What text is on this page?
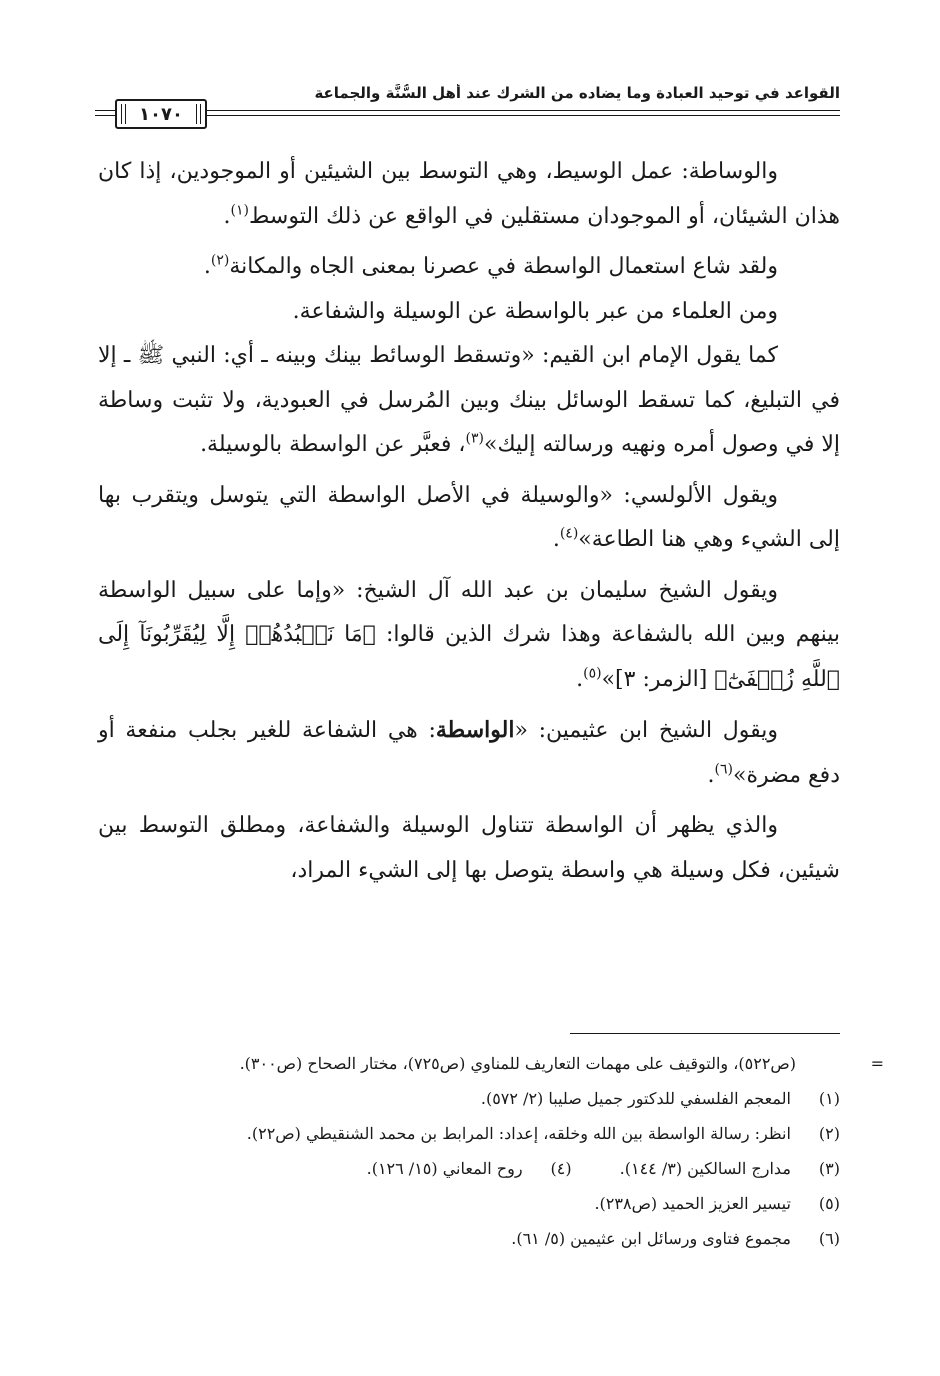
القواعد في توحيد العبادة وما يضاده من الشرك عند أهل السُّنَّة والجماعة
١٠٧٠

والوساطة: عمل الوسيط، وهي التوسط بين الشيئين أو الموجودين، إذا كان هذان الشيئان، أو الموجودان مستقلين في الواقع عن ذلك التوسط$^{(١)}$.

ولقد شاع استعمال الواسطة في عصرنا بمعنى الجاه والمكانة$^{(٢)}$.

ومن العلماء من عبر بالواسطة عن الوسيلة والشفاعة.

كما يقول الإمام ابن القيم: «وتسقط الوسائط بينك وبينه ـ أي: النبي ﷺ ـ إلا في التبليغ، كما تسقط الوسائل بينك وبين المُرسل في العبودية، ولا تثبت وساطة إلا في وصول أمره ونهيه ورسالته إليك»$^{(٣)}$، فعبَّر عن الواسطة بالوسيلة.

ويقول الألولسي: «والوسيلة في الأصل الواسطة التي يتوسل ويتقرب بها إلى الشيء وهي هنا الطاعة»$^{(٤)}$.

ويقول الشيخ سليمان بن عبد الله آل الشيخ: «وإما على سبيل الواسطة بينهم وبين الله بالشفاعة وهذا شرك الذين قالوا: ﴿مَا نَعۡبُدُهُمۡ إِلَّا لِيُقَرِّبُونَآ إِلَى ٱللَّهِ زُلۡفَىٰٓ﴾ [الزمر: ٣]»$^{(٥)}$.

ويقول الشيخ ابن عثيمين: «الواسطة: هي الشفاعة للغير بجلب منفعة أو دفع مضرة»$^{(٦)}$.

والذي يظهر أن الواسطة تتناول الوسيلة والشفاعة، ومطلق التوسط بين شيئين، فكل وسيلة هي واسطة يتوصل بها إلى الشيء المراد،

=(ص٥٢٢)، والتوقيف على مهمات التعاريف للمناوي (ص٧٢٥)، مختار الصحاح (ص٣٠٠).
(١) المعجم الفلسفي للدكتور جميل صليبا (٢/ ٥٧٢).
(٢) انظر: رسالة الواسطة بين الله وخلقه، إعداد: المرابط بن محمد الشنقيطي (ص٢٢).
(٣) مدارج السالكين (٣/ ١٤٤).(٤) روح المعاني (١٥/ ١٢٦).
(٥) تيسير العزيز الحميد (ص٢٣٨).
(٦) مجموع فتاوى ورسائل ابن عثيمين (٥/ ٦١).
